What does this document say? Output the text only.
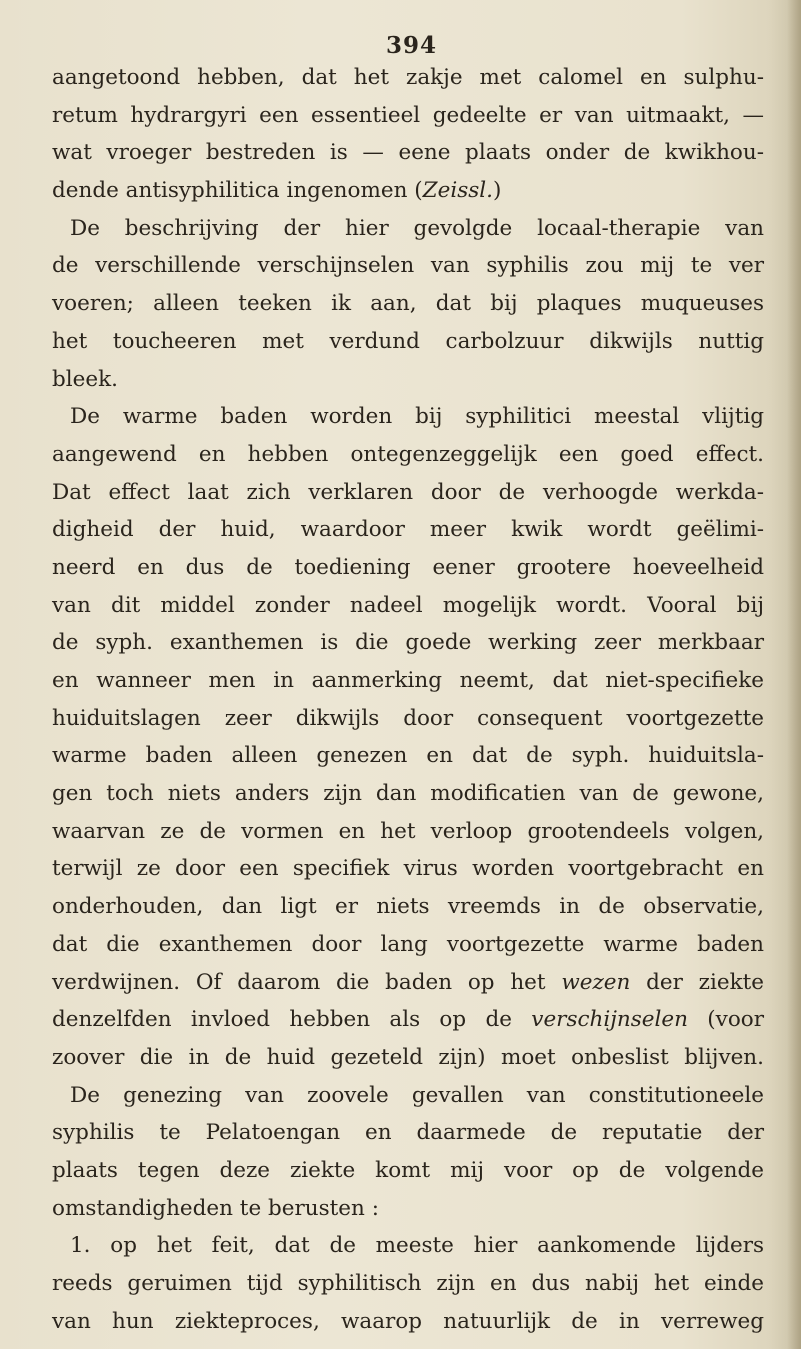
394
aangetoond hebben, dat het zakje met calomel en sulphu-
retum hydrargyri een essentieel gedeelte er van uitmaakt, —
wat vroeger bestreden is — eene plaats onder de kwikhou-
dende antisyphilitica ingenomen (Zeissl.)
De beschrijving der hier gevolgde locaal-therapie van
de verschillende verschijnselen van syphilis zou mij te ver
voeren; alleen teeken ik aan, dat bij plaques muqueuses
het toucheeren met verdund carbolzuur dikwijls nuttig
bleek.
De warme baden worden bij syphilitici meestal vlijtig
aangewend en hebben ontegenzeggelijk een goed effect.
Dat effect laat zich verklaren door de verhoogde werkda-
digheid der huid, waardoor meer kwik wordt geëlimi-
neerd en dus de toediening eener grootere hoeveelheid
van dit middel zonder nadeel mogelijk wordt. Vooral bij
de syph. exanthemen is die goede werking zeer merkbaar
en wanneer men in aanmerking neemt, dat niet-specifieke
huiduitslagen zeer dikwijls door consequent voortgezette
warme baden alleen genezen en dat de syph. huiduitsla-
gen toch niets anders zijn dan modificatien van de gewone,
waarvan ze de vormen en het verloop grootendeels volgen,
terwijl ze door een specifiek virus worden voortgebracht en
onderhouden, dan ligt er niets vreemds in de observatie,
dat die exanthemen door lang voortgezette warme baden
verdwijnen. Of daarom die baden op het wezen der ziekte
denzelfden invloed hebben als op de verschijnselen (voor
zoover die in de huid gezeteld zijn) moet onbeslist blijven.
De genezing van zoovele gevallen van constitutioneele
syphilis te Pelatoengan en daarmede de reputatie der
plaats tegen deze ziekte komt mij voor op de volgende
omstandigheden te berusten :
1. op het feit, dat de meeste hier aankomende lijders
reeds geruimen tijd syphilitisch zijn en dus nabij het einde
van hun ziekteproces, waarop natuurlijk de in verreweg
